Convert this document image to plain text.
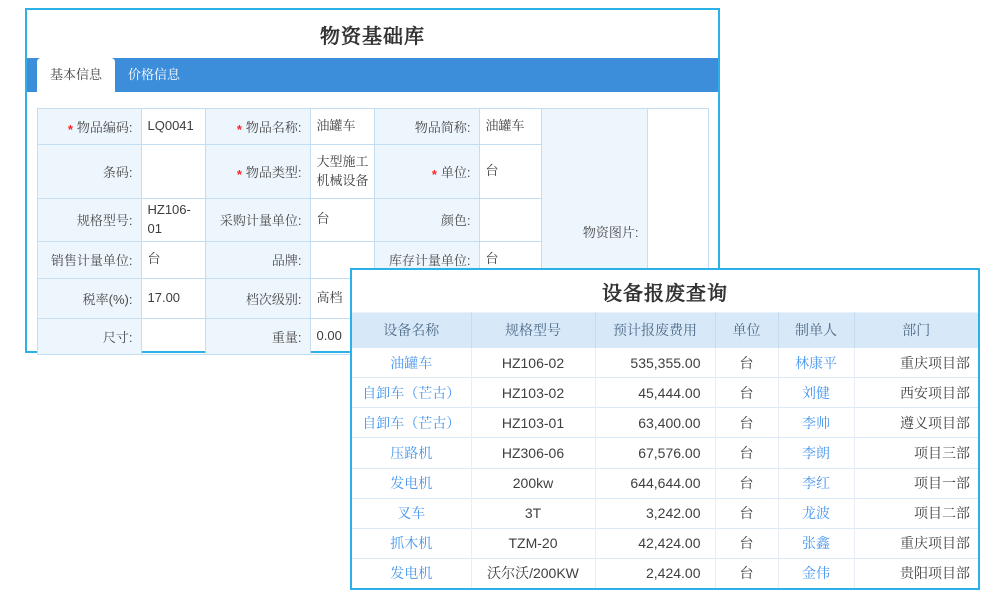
物资基础库
基本信息	价格信息
* 物品编码:	LQ0041	* 物品名称:	油罐车	物品简称:	油罐车	物资图片:	
条码:		* 物品类型:	大型施工机械设备	* 单位:	台		
规格型号:	HZ106-01	采购计量单位:	台	颜色:			
销售计量单位:	台	品牌:		库存计量单位:	台		
税率(%):	17.00	档次级别:	高档				
尺寸:		重量:	0.00				
设备报废查询
设备名称	规格型号	预计报废费用	单位	制单人	部门
油罐车	HZ106-02	535,355.00	台	林康平	重庆项目部
自卸车（芒古）	HZ103-02	45,444.00	台	刘健	西安项目部
自卸车（芒古）	HZ103-01	63,400.00	台	李帅	遵义项目部
压路机	HZ306-06	67,576.00	台	李朗	项目三部
发电机	200kw	644,644.00	台	李红	项目一部
叉车	3T	3,242.00	台	龙波	项目二部
抓木机	TZM-20	42,424.00	台	张鑫	重庆项目部
发电机	沃尔沃/200KW	2,424.00	台	金伟	贵阳项目部
